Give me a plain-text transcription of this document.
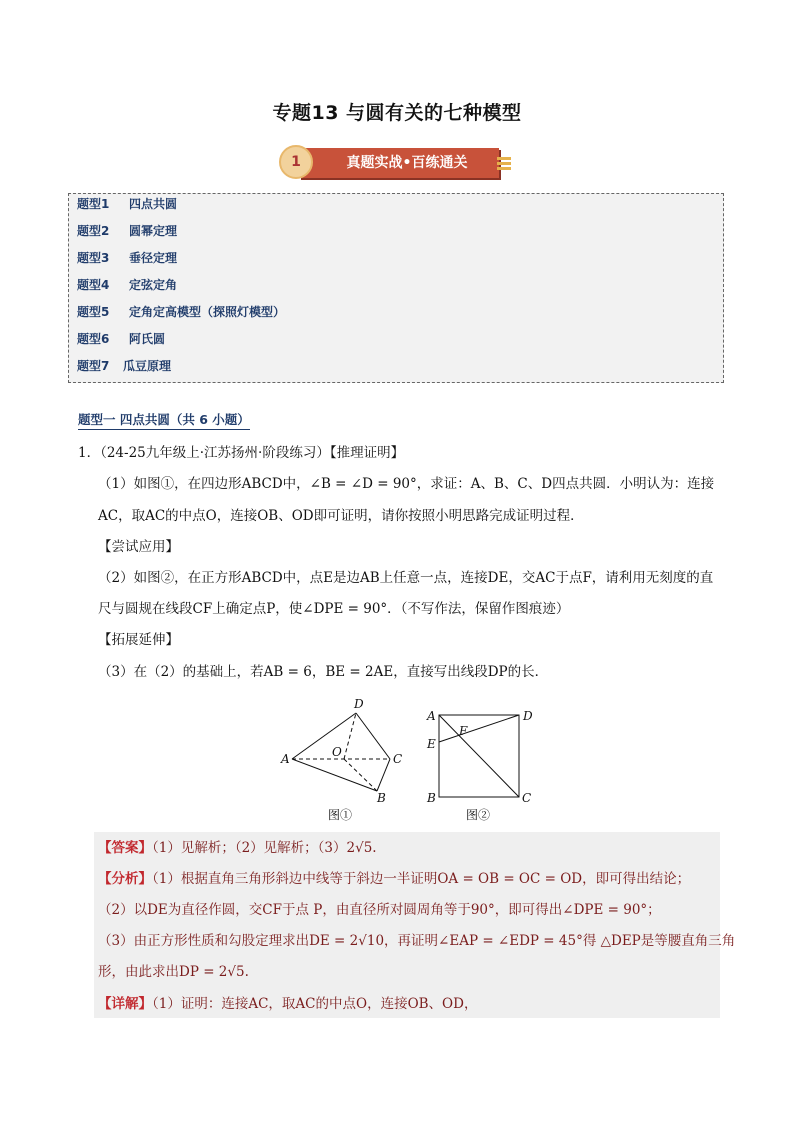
专题13 与圆有关的七种模型
真题实战•百练通关
1
题型1 四点共圆
题型2 圆幂定理
题型3 垂径定理
题型4 定弦定角
题型5 定角定高模型（探照灯模型）
题型6 阿氏圆
题型7 瓜豆原理
题型一 四点共圆（共 6 小题）
1．（24-25九年级上·江苏扬州·阶段练习）【推理证明】
（1）如图①，在四边形ABCD中，∠B = ∠D = 90°，求证：A、B、C、D四点共圆．小明认为：连接
AC，取AC的中点O，连接OB、OD即可证明，请你按照小明思路完成证明过程．
【尝试应用】
（2）如图②，在正方形ABCD中，点E是边AB上任意一点，连接DE，交AC于点F，请利用无刻度的直
尺与圆规在线段CF上确定点P，使∠DPE = 90°．（不写作法，保留作图痕迹）
【拓展延伸】
（3）在（2）的基础上，若AB = 6，BE = 2AE，直接写出线段DP的长．
A
D
C
B
O
图①
A	D
E
F
B	C
图②
【答案】（1）见解析；（2）见解析；（3）2√5.
【分析】（1）根据直角三角形斜边中线等于斜边一半证明OA = OB = OC = OD，即可得出结论；
（2）以DE为直径作圆，交CF于点 P，由直径所对圆周角等于90°，即可得出∠DPE = 90°；
（3）由正方形性质和勾股定理求出DE = 2√10，再证明∠EAP = ∠EDP = 45°得 △DEP是等腰直角三角
形，由此求出DP = 2√5.
【详解】（1）证明：连接AC，取AC的中点O，连接OB、OD，
